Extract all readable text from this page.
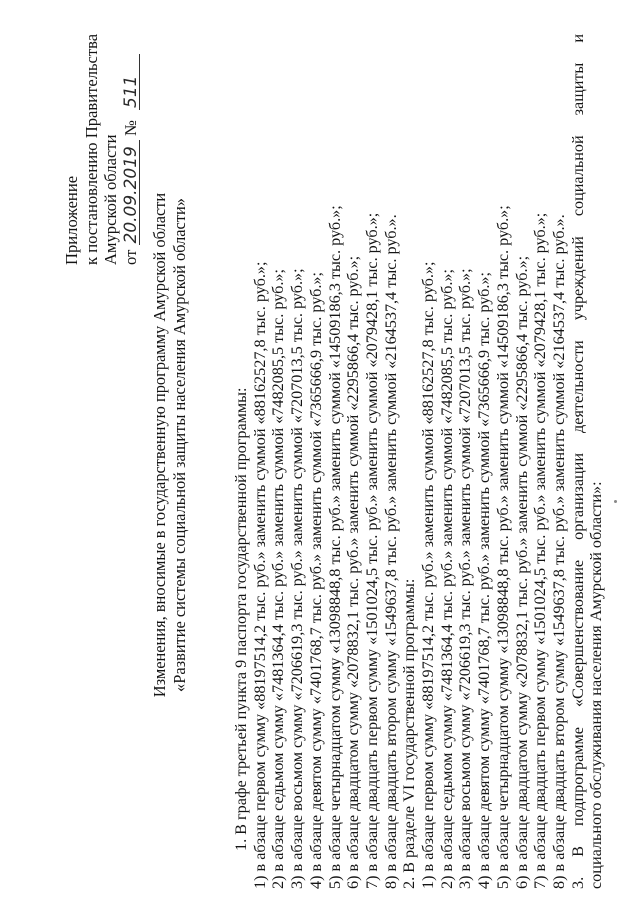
Приложение к постановлению Правительства Амурской области от 20.09.2019 № 511
Изменения, вносимые в государственную программу Амурской области «Развитие системы социальной защиты населения Амурской области»	1. В графе третьей пункта 9 паспорта государственной программы: 1) в абзаце первом сумму «88197514,2 тыс. руб.» заменить суммой «88162527,8 тыс. руб.»; 2) в абзаце седьмом сумму «7481364,4 тыс. руб.» заменить суммой «7482085,5 тыс. руб.»; 3) в абзаце восьмом сумму «7206619,3 тыс. руб.» заменить суммой «7207013,5 тыс. руб.»; 4) в абзаце девятом сумму «7401768,7 тыс. руб.» заменить суммой «7365666,9 тыс. руб.»; 5) в абзаце четырнадцатом сумму «13098848,8 тыс. руб.» заменить суммой «14509186,3 тыс. руб.»; 6) в абзаце двадцатом сумму «2078832,1 тыс. руб.» заменить суммой «2295866,4 тыс. руб.»; 7) в абзаце двадцать первом сумму «1501024,5 тыс. руб.» заменить суммой «2079428,1 тыс. руб.»; 8) в абзаце двадцать втором сумму «1549637,8 тыс. руб.» заменить суммой «2164537,4 тыс. руб.». 2. В разделе VI государственной программы: 1) в абзаце первом сумму «88197514,2 тыс. руб.» заменить суммой «88162527,8 тыс. руб.»; 2) в абзаце седьмом сумму «7481364,4 тыс. руб.» заменить суммой «7482085,5 тыс. руб.»; 3) в абзаце восьмом сумму «7206619,3 тыс. руб.» заменить суммой «7207013,5 тыс. руб.»; 4) в абзаце девятом сумму «7401768,7 тыс. руб.» заменить суммой «7365666,9 тыс. руб.»; 5) в абзаце четырнадцатом сумму «13098848,8 тыс. руб.» заменить суммой «14509186,3 тыс. руб.»; 6) в абзаце двадцатом сумму «2078832,1 тыс. руб.» заменить суммой «2295866,4 тыс. руб.»; 7) в абзаце двадцать первом сумму «1501024,5 тыс. руб.» заменить суммой «2079428,1 тыс. руб.»; 8) в абзаце двадцать втором сумму «1549637,8 тыс. руб.» заменить суммой «2164537,4 тыс. руб.». 3. В подпрограмме «Совершенствование организации деятельности учреждений социальной защиты и социального обслуживания населения Амурской области»:
